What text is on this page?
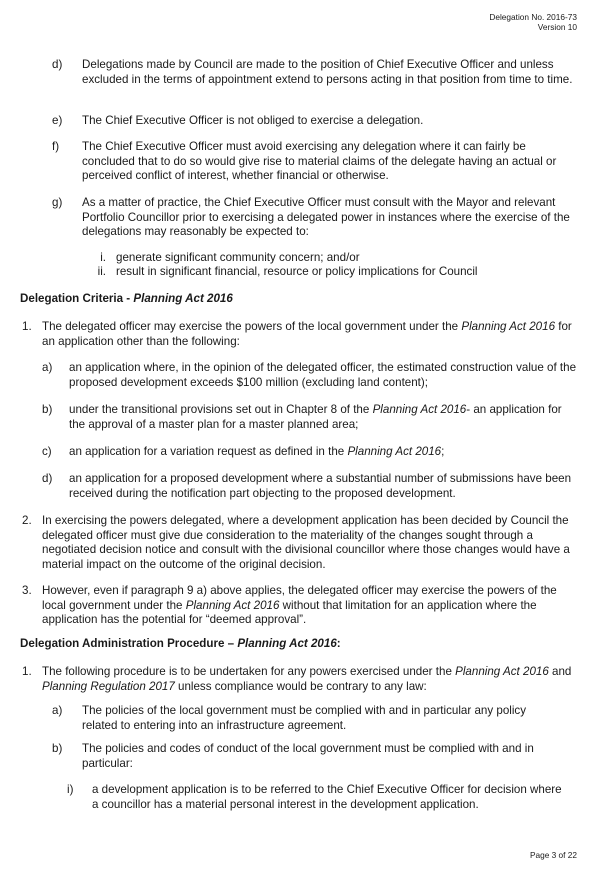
Delegation No. 2016-73
Version 10
d) Delegations made by Council are made to the position of Chief Executive Officer and unless excluded in the terms of appointment extend to persons acting in that position from time to time.
e) The Chief Executive Officer is not obliged to exercise a delegation.
f) The Chief Executive Officer must avoid exercising any delegation where it can fairly be concluded that to do so would give rise to material claims of the delegate having an actual or perceived conflict of interest, whether financial or otherwise.
g) As a matter of practice, the Chief Executive Officer must consult with the Mayor and relevant Portfolio Councillor prior to exercising a delegated power in instances where the exercise of the delegations may reasonably be expected to:
i. generate significant community concern; and/or
ii. result in significant financial, resource or policy implications for Council
Delegation Criteria - Planning Act 2016
1. The delegated officer may exercise the powers of the local government under the Planning Act 2016 for an application other than the following:
a) an application where, in the opinion of the delegated officer, the estimated construction value of the proposed development exceeds $100 million (excluding land content);
b) under the transitional provisions set out in Chapter 8 of the Planning Act 2016- an application for the approval of a master plan for a master planned area;
c) an application for a variation request as defined in the Planning Act 2016;
d) an application for a proposed development where a substantial number of submissions have been received during the notification part objecting to the proposed development.
2. In exercising the powers delegated, where a development application has been decided by Council the delegated officer must give due consideration to the materiality of the changes sought through a negotiated decision notice and consult with the divisional councillor where those changes would have a material impact on the outcome of the original decision.
3. However, even if paragraph 9 a) above applies, the delegated officer may exercise the powers of the local government under the Planning Act 2016 without that limitation for an application where the application has the potential for “deemed approval”.
Delegation Administration Procedure – Planning Act 2016:
1. The following procedure is to be undertaken for any powers exercised under the Planning Act 2016 and Planning Regulation 2017 unless compliance would be contrary to any law:
a) The policies of the local government must be complied with and in particular any policy related to entering into an infrastructure agreement.
b) The policies and codes of conduct of the local government must be complied with and in particular:
i) a development application is to be referred to the Chief Executive Officer for decision where a councillor has a material personal interest in the development application.
Page 3 of 22
